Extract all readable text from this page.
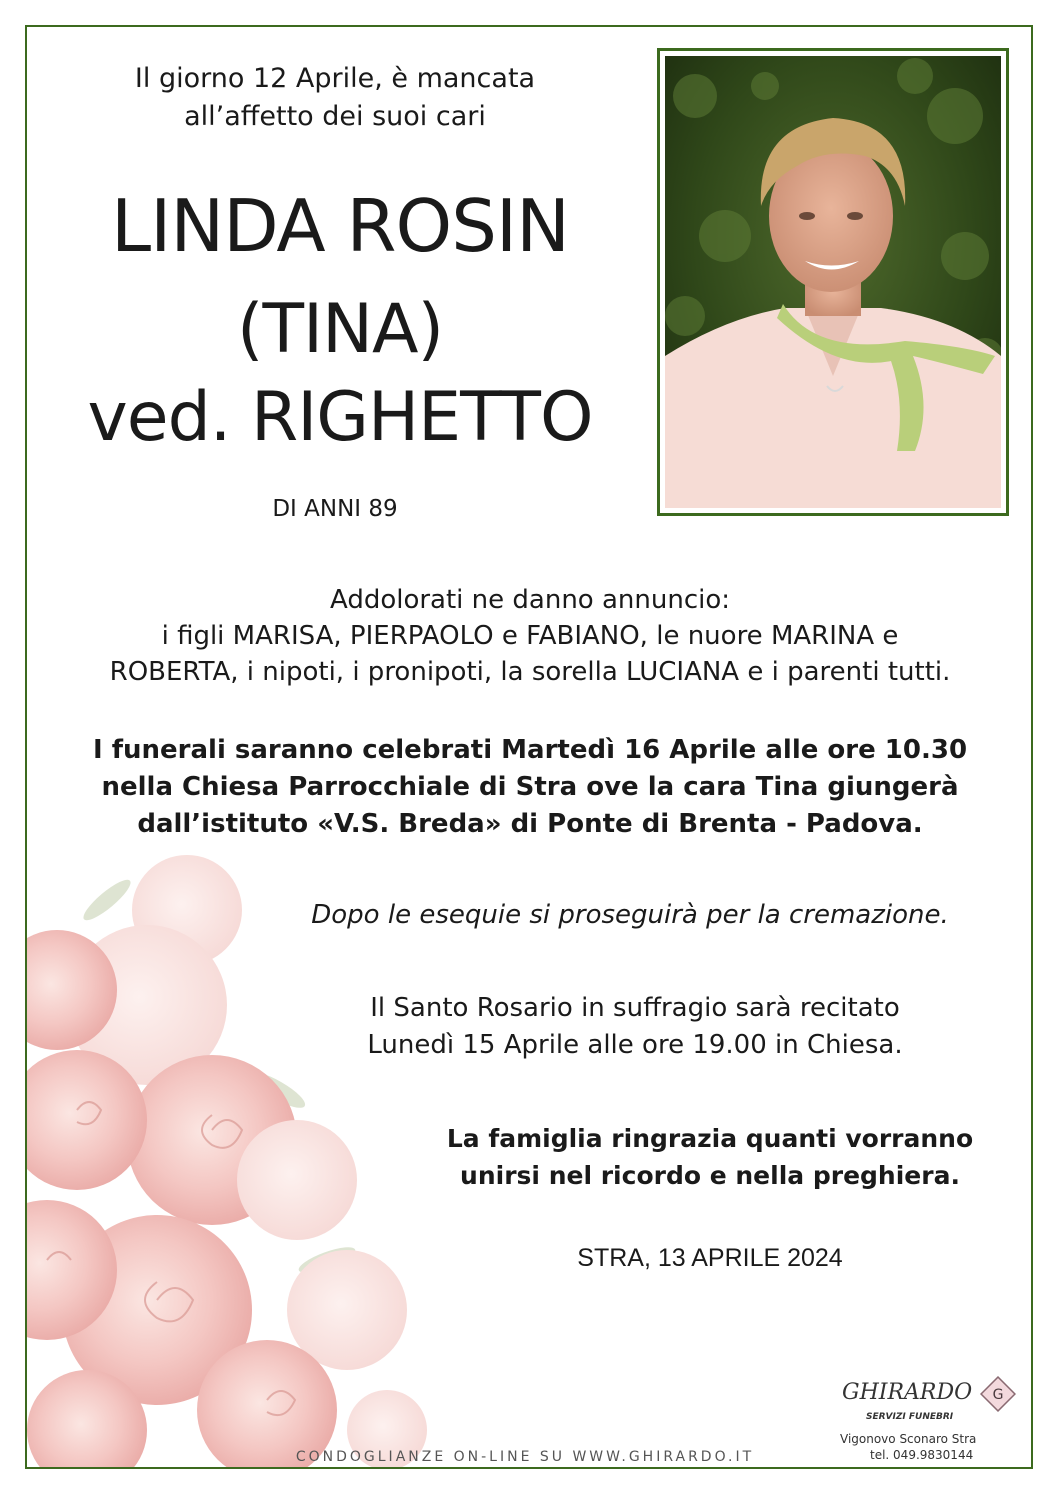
Il giorno 12 Aprile, è mancata
all’affetto dei suoi cari
LINDA ROSIN
(TINA)
ved. RIGHETTO
DI ANNI 89
Addolorati ne danno annuncio:
i figli MARISA, PIERPAOLO e FABIANO, le nuore MARINA e
ROBERTA, i nipoti, i pronipoti, la sorella LUCIANA e i parenti tutti.
I funerali saranno celebrati Martedì 16 Aprile alle ore 10.30
nella Chiesa Parrocchiale di Stra ove la cara Tina giungerà
dall’istituto «V.S. Breda» di Ponte di Brenta - Padova.
Dopo le esequie si proseguirà per la cremazione.
Il Santo Rosario in suffragio sarà recitato
Lunedì 15 Aprile alle ore 19.00 in Chiesa.
La famiglia ringrazia quanti vorranno
unirsi nel ricordo e nella preghiera.
STRA, 13 APRILE 2024
CONDOGLIANZE ON-LINE SU WWW.GHIRARDO.IT
GHIRARDO
SERVIZI FUNEBRI
G
Vigonovo Sconaro Stra
tel. 049.9830144
